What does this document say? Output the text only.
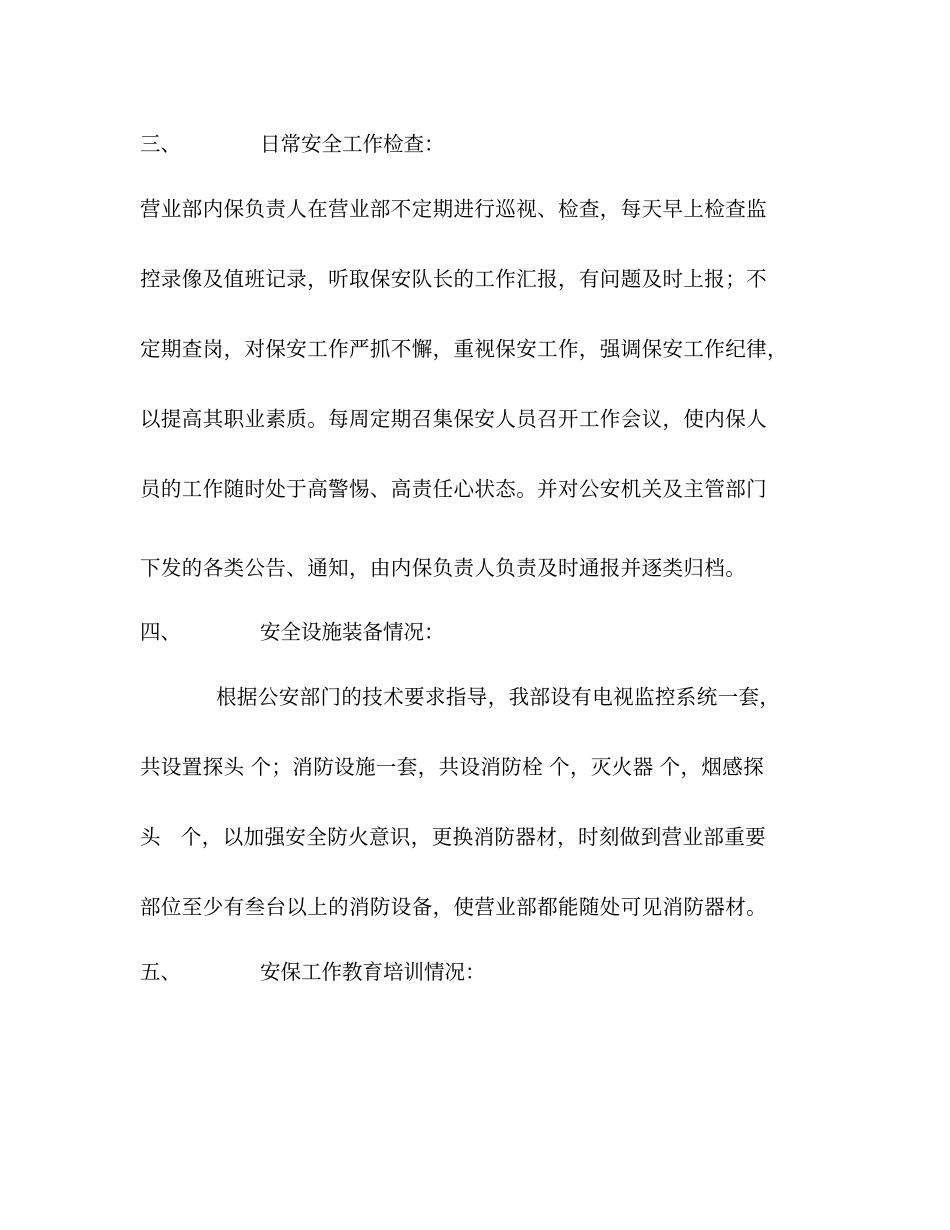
三、	日常安全工作检查：
营业部内保负责人在营业部不定期进行巡视、检查，每天早上检查监
控录像及值班记录，听取保安队长的工作汇报，有问题及时上报；不
定期查岗，对保安工作严抓不懈，重视保安工作，强调保安工作纪律，
以提高其职业素质。每周定期召集保安人员召开工作会议，使内保人
员的工作随时处于高警惕、高责任心状态。并对公安机关及主管部门
下发的各类公告、通知，由内保负责人负责及时通报并逐类归档。
四、	安全设施装备情况：
根据公安部门的技术要求指导，我部设有电视监控系统一套，
共设置探头 个；消防设施一套，共设消防栓 个，灭火器 个，烟感探
头 个，以加强安全防火意识，更换消防器材，时刻做到营业部重要
部位至少有叁台以上的消防设备，使营业部都能随处可见消防器材。
五、	安保工作教育培训情况：
